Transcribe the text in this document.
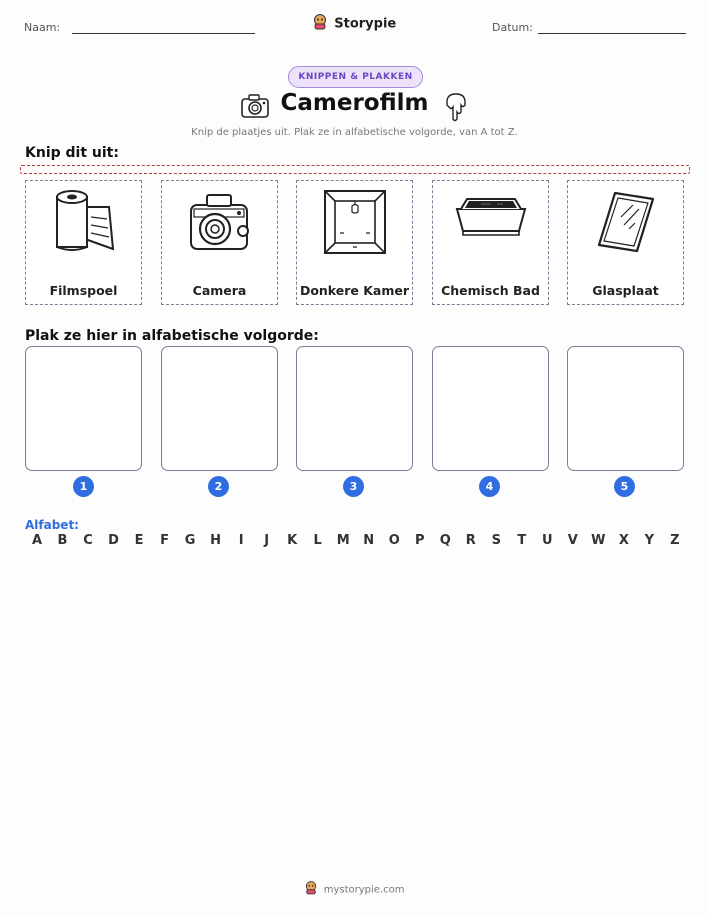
Naam:	Storypie	Datum:
KNIPPEN & PLAKKEN
Camerofilm
Knip de plaatjes uit. Plak ze in alfabetische volgorde, van A tot Z.
Knip dit uit:
Filmspoel	Camera	Donkere Kamer	Chemisch Bad	Glasplaat
Plak ze hier in alfabetische volgorde:
1	2	3	4	5
Alfabet:
A	B	C	D	E	F	G	H	I	J	K	L	M	N	O	P	Q	R	S	T	U	V	W	X	Y	Z
mystorypie.com
